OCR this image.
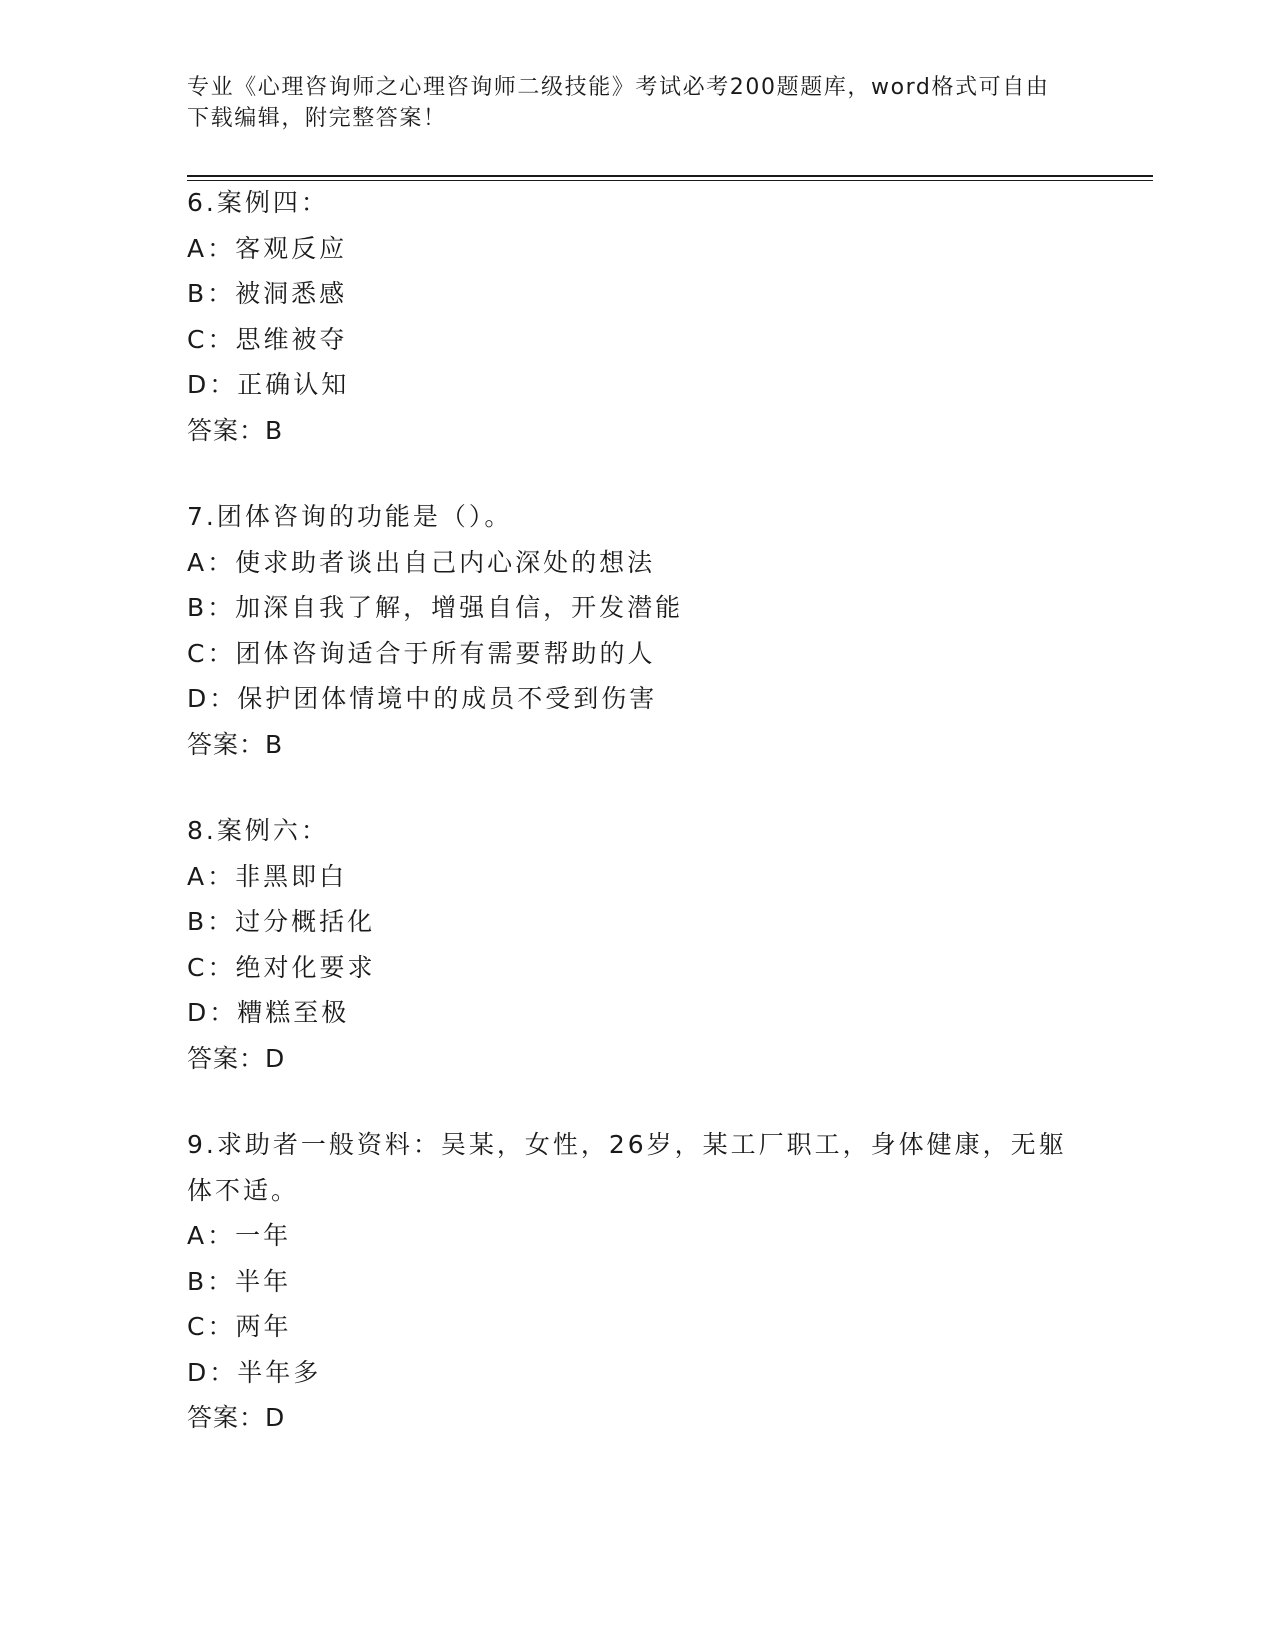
专业《心理咨询师之心理咨询师二级技能》考试必考200题题库，word格式可自由下载编辑，附完整答案！
6.案例四：
A：客观反应
B：被洞悉感
C：思维被夺
D：正确认知
答案：B
7.团体咨询的功能是（）。
A：使求助者谈出自己内心深处的想法
B：加深自我了解，增强自信，开发潜能
C：团体咨询适合于所有需要帮助的人
D：保护团体情境中的成员不受到伤害
答案：B
8.案例六：
A：非黑即白
B：过分概括化
C：绝对化要求
D：糟糕至极
答案：D
9.求助者一般资料：吴某，女性，26岁，某工厂职工，身体健康，无躯体不适。
A：一年
B：半年
C：两年
D：半年多
答案：D
